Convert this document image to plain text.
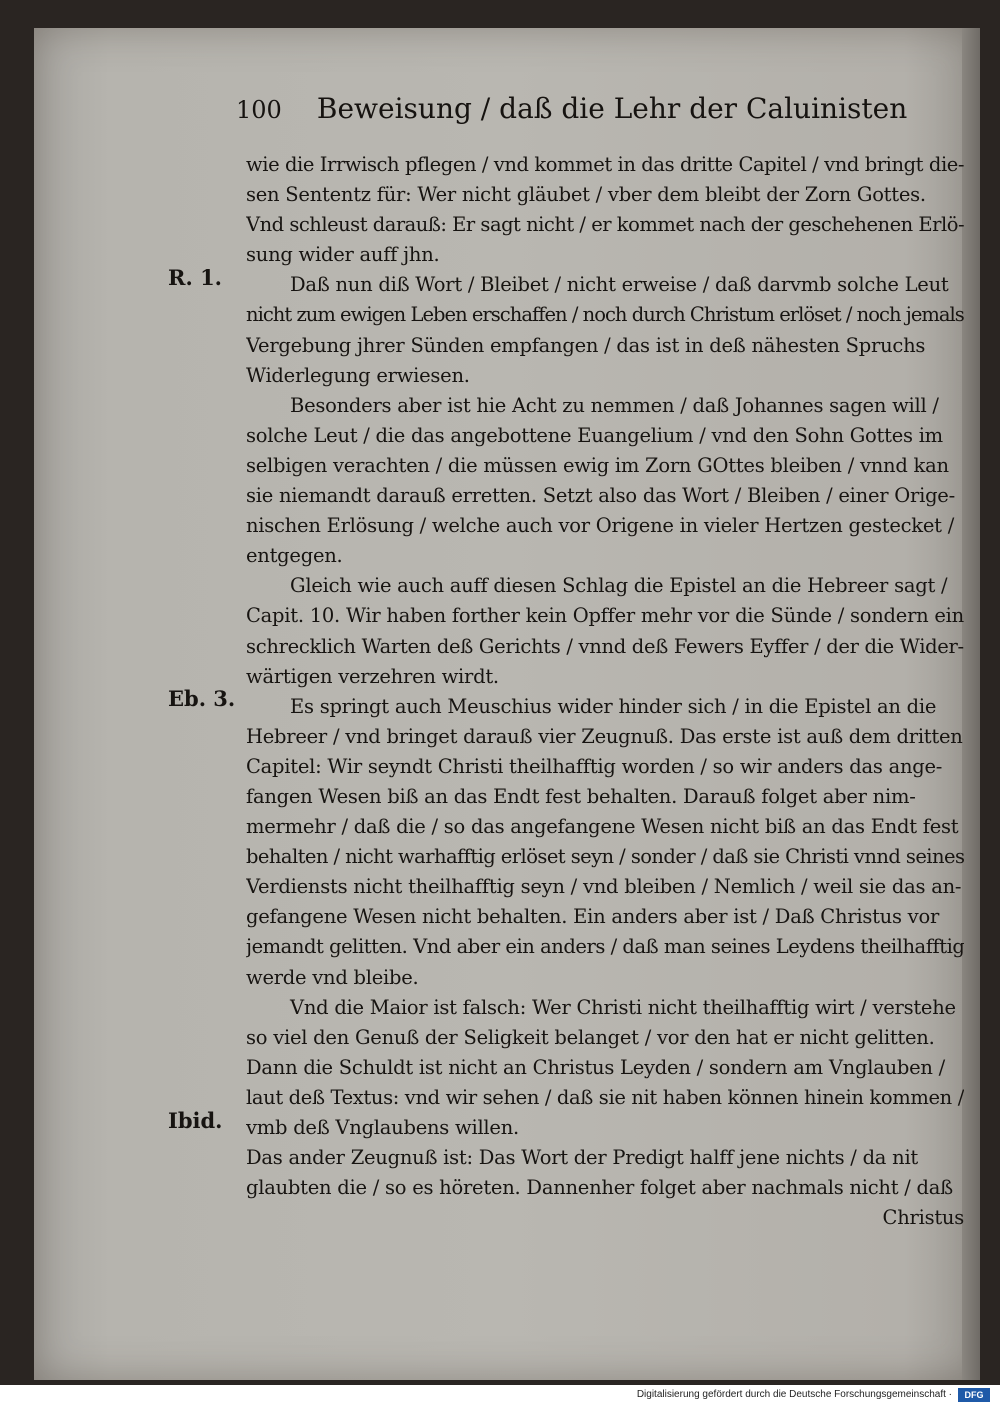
100 Beweisung / daß die Lehr der Caluinisten
R. 1.
Eb. 3.
Ibid.
wie die Irrwisch pflegen / vnd kommet in das dritte Capitel / vnd bringt die-
sen Sententz für: Wer nicht gläubet / vber dem bleibt der Zorn Gottes.
Vnd schleust darauß: Er sagt nicht / er kommet nach der geschehenen Erlö-
sung wider auff jhn.
Daß nun diß Wort / Bleibet / nicht erweise / daß darvmb solche Leut
nicht zum ewigen Leben erschaffen / noch durch Christum erlöset / noch jemals
Vergebung jhrer Sünden empfangen / das ist in deß nähesten Spruchs
Widerlegung erwiesen.
Besonders aber ist hie Acht zu nemmen / daß Johannes sagen will /
solche Leut / die das angebottene Euangelium / vnd den Sohn Gottes im
selbigen verachten / die müssen ewig im Zorn GOttes bleiben / vnnd kan
sie niemandt darauß erretten. Setzt also das Wort / Bleiben / einer Orige-
nischen Erlösung / welche auch vor Origene in vieler Hertzen gestecket /
entgegen.
Gleich wie auch auff diesen Schlag die Epistel an die Hebreer sagt /
Capit. 10. Wir haben forther kein Opffer mehr vor die Sünde / sondern ein
schrecklich Warten deß Gerichts / vnnd deß Fewers Eyffer / der die Wider-
wärtigen verzehren wirdt.
Es springt auch Meuschius wider hinder sich / in die Epistel an die
Hebreer / vnd bringet darauß vier Zeugnuß. Das erste ist auß dem dritten
Capitel: Wir seyndt Christi theilhafftig worden / so wir anders das ange-
fangen Wesen biß an das Endt fest behalten. Darauß folget aber nim-
mermehr / daß die / so das angefangene Wesen nicht biß an das Endt fest
behalten / nicht warhafftig erlöset seyn / sonder / daß sie Christi vnnd seines
Verdiensts nicht theilhafftig seyn / vnd bleiben / Nemlich / weil sie das an-
gefangene Wesen nicht behalten. Ein anders aber ist / Daß Christus vor
jemandt gelitten. Vnd aber ein anders / daß man seines Leydens theilhafftig
werde vnd bleibe.
Vnd die Maior ist falsch: Wer Christi nicht theilhafftig wirt / verstehe
so viel den Genuß der Seligkeit belanget / vor den hat er nicht gelitten.
Dann die Schuldt ist nicht an Christus Leyden / sondern am Vnglauben /
laut deß Textus: vnd wir sehen / daß sie nit haben können hinein kommen /
vmb deß Vnglaubens willen.
Das ander Zeugnuß ist: Das Wort der Predigt halff jene nichts / da nit
glaubten die / so es höreten. Dannenher folget aber nachmals nicht / daß
Christus
Digitalisierung gefördert durch die Deutsche Forschungsgemeinschaft ·	DFG
